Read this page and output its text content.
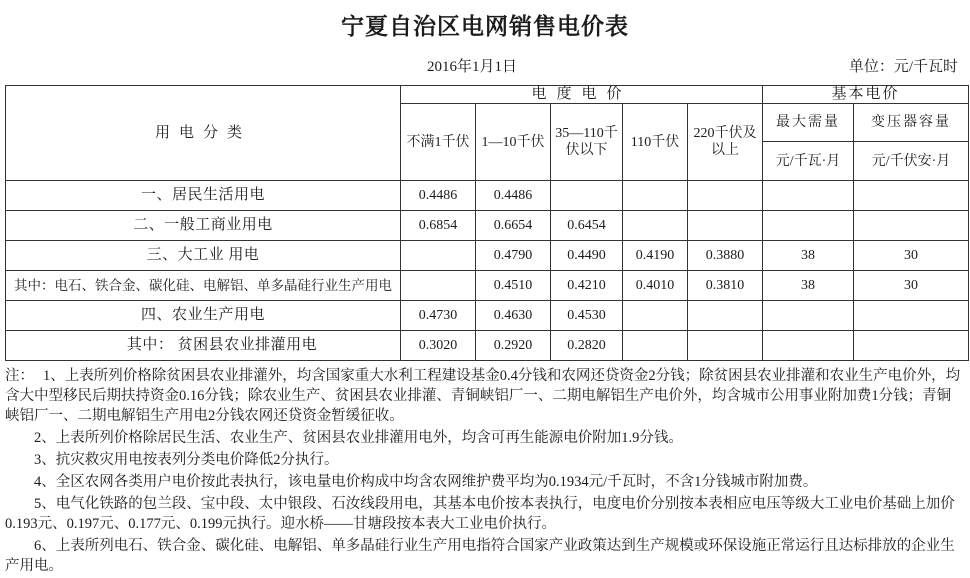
宁夏自治区电网销售电价表
2016年1月1日	单位：元/千瓦时
用电分类	电度电价					基本电价	
	不满1千伏	1—10千伏	35—110千伏以下	110千伏	220千伏及以上	最大需量	变压器容量
						元/千瓦·月	元/千伏安·月
一、居民生活用电	0.4486	0.4486					
二、一般工商业用电	0.6854	0.6654	0.6454				
三、大工业 用电		0.4790	0.4490	0.4190	0.3880	38	30
其中：电石、铁合金、碳化硅、电解铝、单多晶硅行业生产用电		0.4510	0.4210	0.4010	0.3810	38	30
四、农业生产用电	0.4730	0.4630	0.4530				
其中： 贫困县农业排灌用电	0.3020	0.2920	0.2820				

注： 1、上表所列价格除贫困县农业排灌外，均含国家重大水利工程建设基金0.4分钱和农网还贷资金2分钱；除贫困县农业排灌和农业生产电价外，均含大中型移民后期扶持资金0.16分钱；除农业生产、贫困县农业排灌、青铜峡铝厂一、二期电解铝生产电价外，均含城市公用事业附加费1分钱；青铜峡铝厂一、二期电解铝生产用电2分钱农网还贷资金暂缓征收。

2、上表所列价格除居民生活、农业生产、贫困县农业排灌用电外，均含可再生能源电价附加1.9分钱。

3、抗灾救灾用电按表列分类电价降低2分执行。

4、全区农网各类用户电价按此表执行，该电量电价构成中均含农网维护费平均为0.1934元/千瓦时，不含1分钱城市附加费。

5、电气化铁路的包兰段、宝中段、太中银段、石汝线段用电，其基本电价按本表执行，电度电价分别按本表相应电压等级大工业电价基础上加价0.193元、0.197元、0.177元、0.199元执行。迎水桥——甘塘段按本表大工业电价执行。

6、上表所列电石、铁合金、碳化硅、电解铝、单多晶硅行业生产用电指符合国家产业政策达到生产规模或环保设施正常运行且达标排放的企业生产用电。
